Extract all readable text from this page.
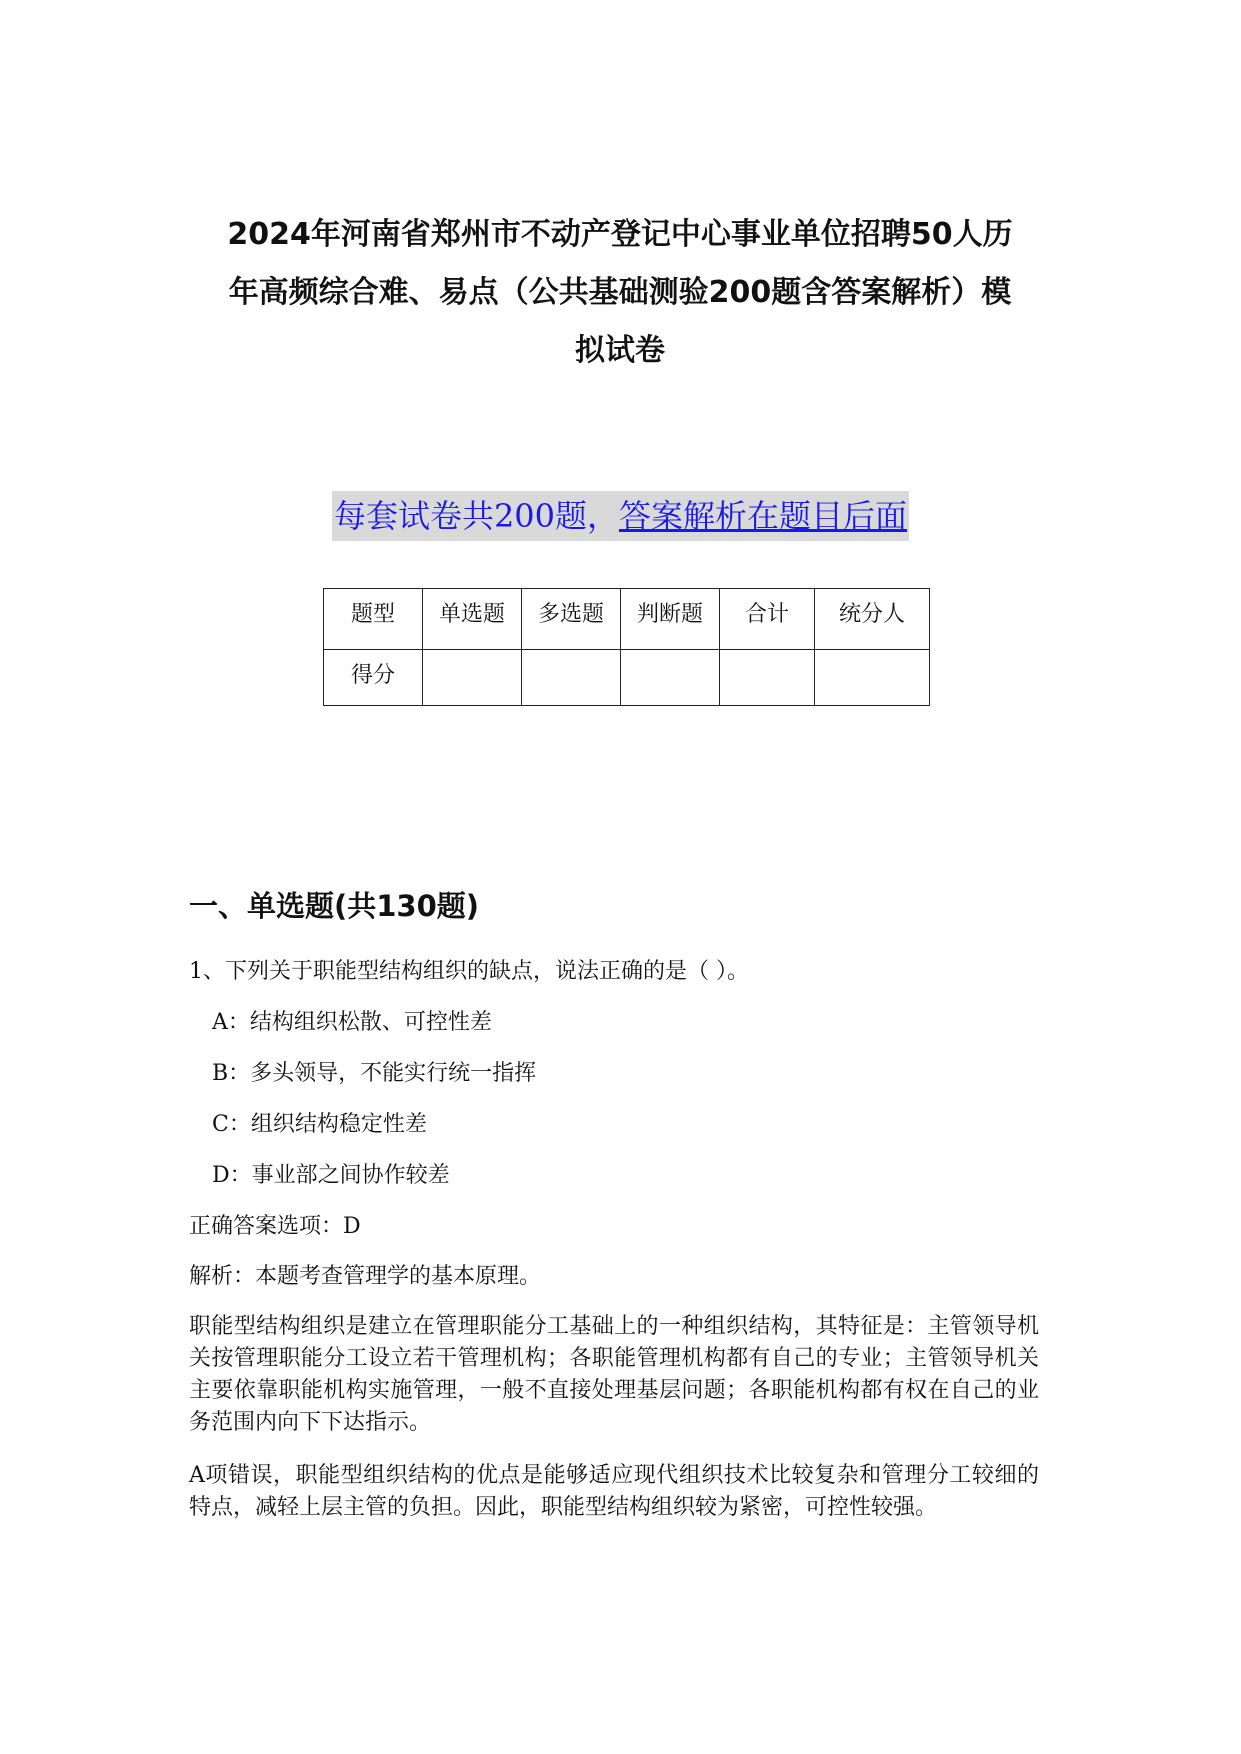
2024年河南省郑州市不动产登记中心事业单位招聘50人历
年高频综合难、易点（公共基础测验200题含答案解析）模
拟试卷
每套试卷共200题，答案解析在题目后面
题型	单选题	多选题	判断题	合计	统分人
得分					
一、单选题(共130题)
1、下列关于职能型结构组织的缺点，说法正确的是（ ）。
A：结构组织松散、可控性差
B：多头领导，不能实行统一指挥
C：组织结构稳定性差
D：事业部之间协作较差
正确答案选项：D
解析：本题考查管理学的基本原理。
职能型结构组织是建立在管理职能分工基础上的一种组织结构，其特征是：主管领导机关按管理职能分工设立若干管理机构；各职能管理机构都有自己的专业；主管领导机关主要依靠职能机构实施管理，一般不直接处理基层问题；各职能机构都有权在自己的业务范围内向下下达指示。
A项错误，职能型组织结构的优点是能够适应现代组织技术比较复杂和管理分工较细的特点，减轻上层主管的负担。因此，职能型结构组织较为紧密，可控性较强。
